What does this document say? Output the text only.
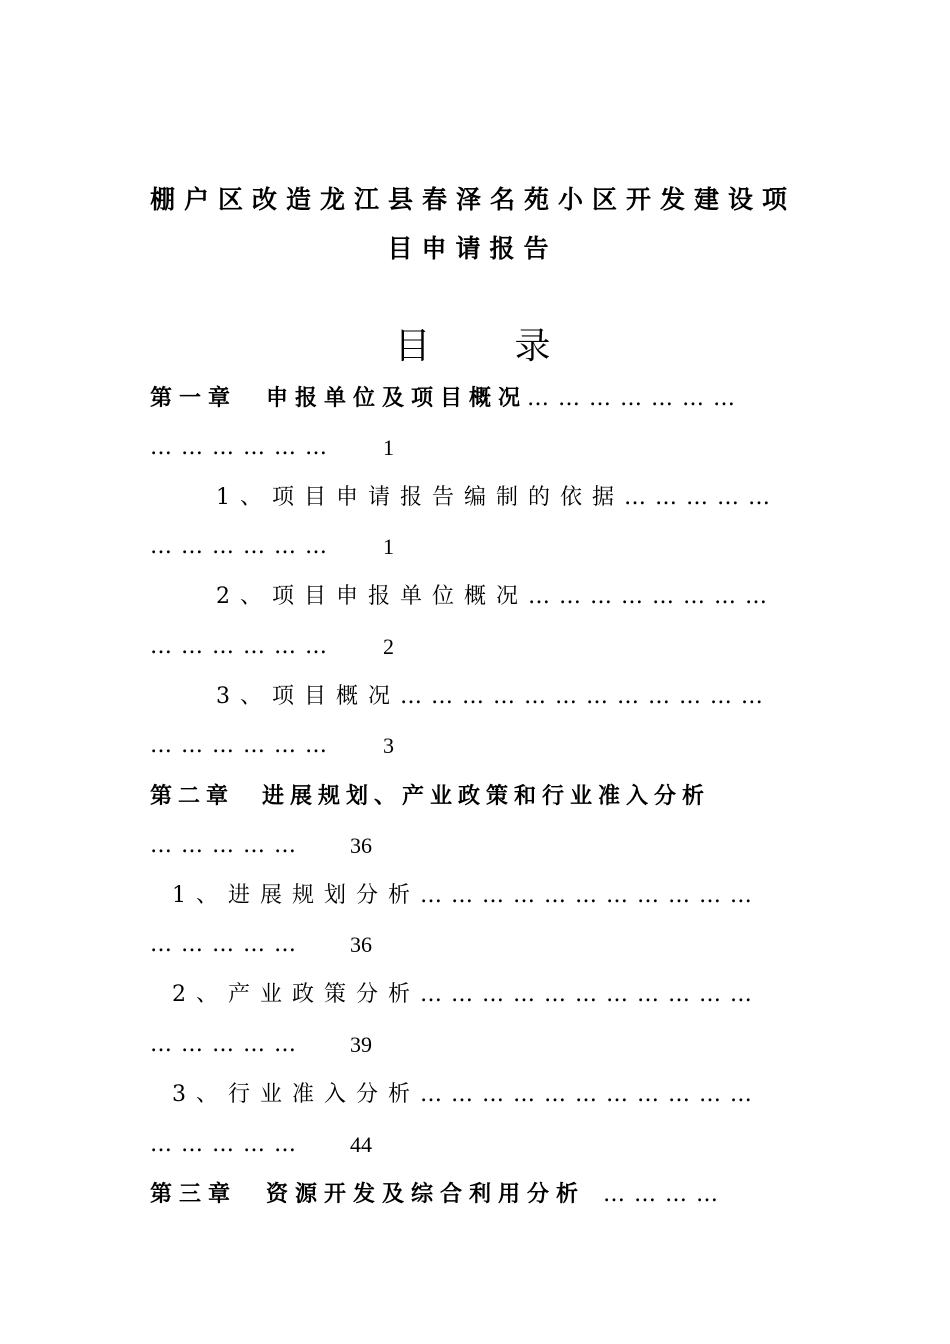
棚户区改造龙江县春泽名苑小区开发建设项
目申请报告
目录
第一章　申报单位及项目概况… … … … … … …
… … … … … …	1
1、项目申请报告编制的依据… … … … …
… … … … … …	1
2、项目申报单位概况… … … … … … … …
… … … … … …	2
3、项目概况… … … … … … … … … … … …
… … … … … …	3
第二章　进展规划、产业政策和行业准入分析
… … … … … 36
1、进展规划分析… … … … … … … … … … …
… … … … … 36
2、产业政策分析… … … … … … … … … … …
… … … … … 39
3、行业准入分析… … … … … … … … … … …
… … … … … 44
第三章　资源开发及综合利用分析 … … … …
